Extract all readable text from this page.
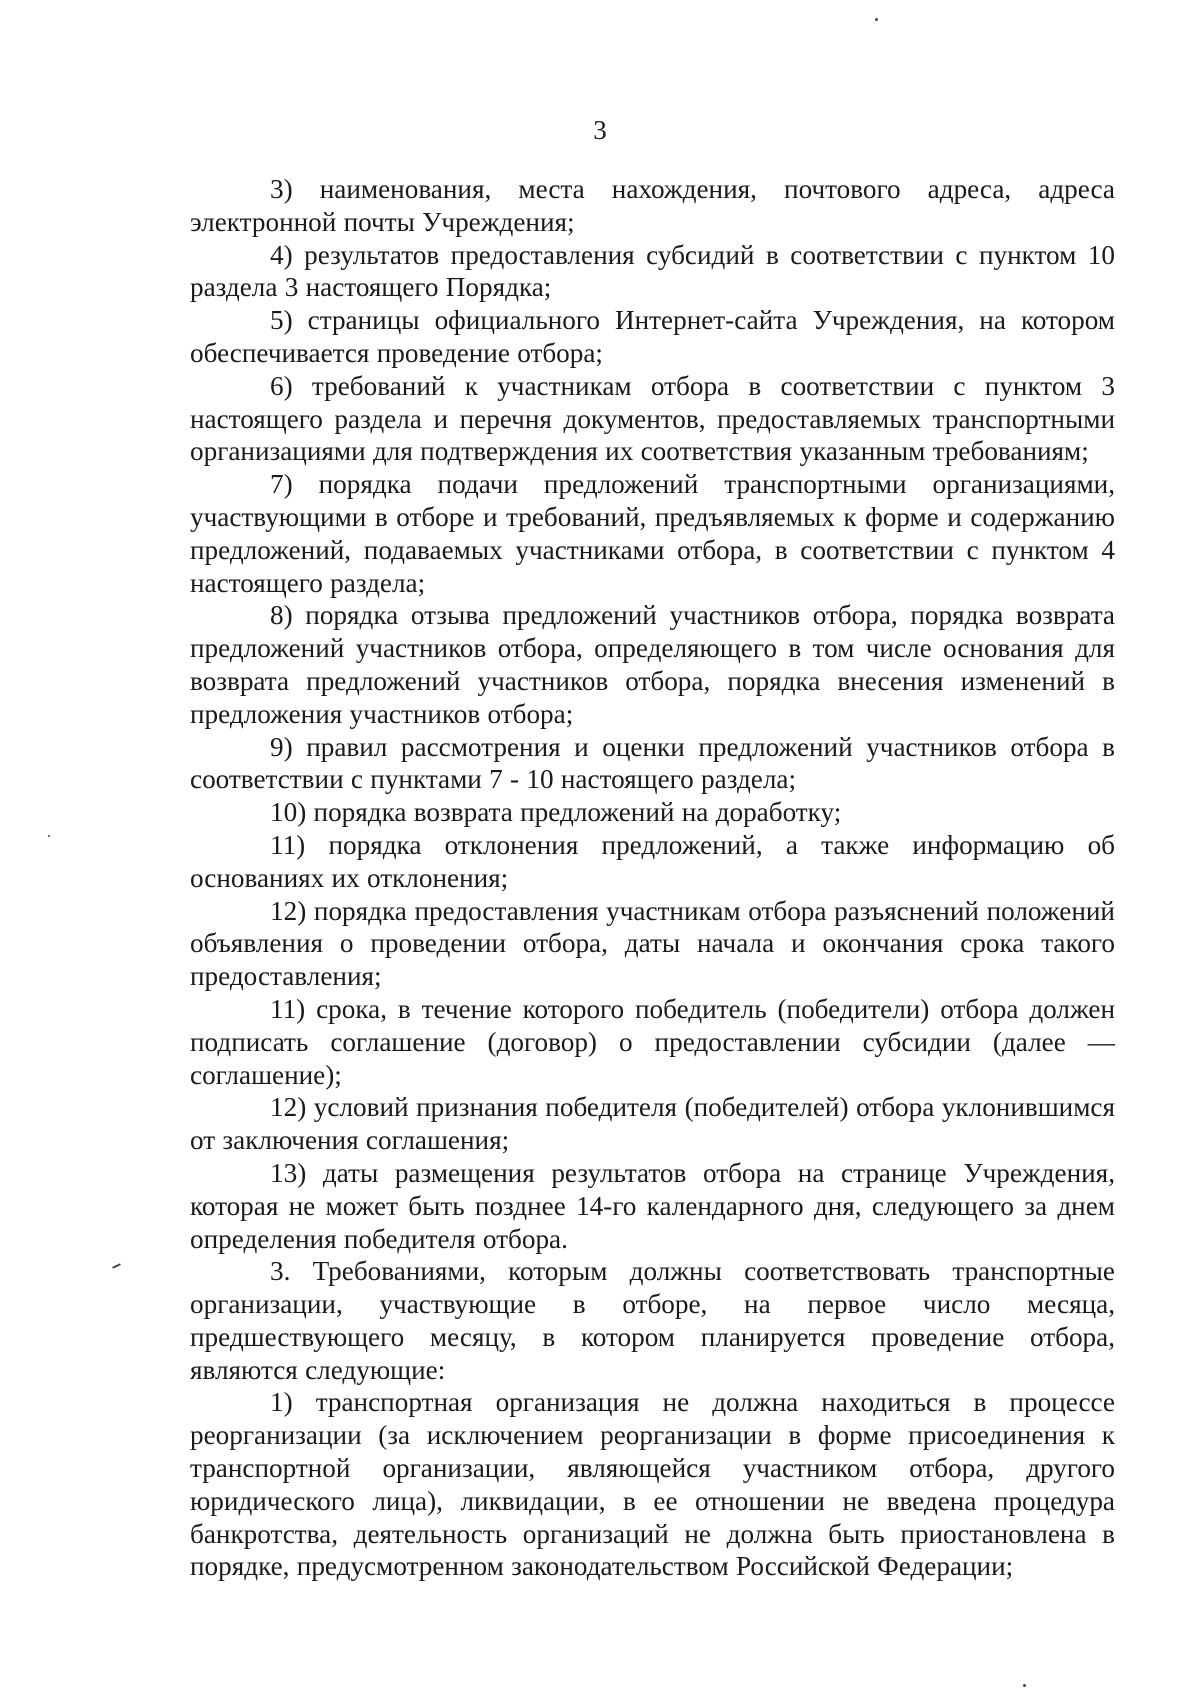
3

3) наименования, места нахождения, почтового адреса, адреса электронной почты Учреждения;

4) результатов предоставления субсидий в соответствии с пунктом 10 раздела 3 настоящего Порядка;

5) страницы официального Интернет-сайта Учреждения, на котором обеспечивается проведение отбора;

6) требований к участникам отбора в соответствии с пунктом 3 настоящего раздела и перечня документов, предоставляемых транспортными организациями для подтверждения их соответствия указанным требованиям;

7) порядка подачи предложений транспортными организациями, участвующими в отборе и требований, предъявляемых к форме и содержанию предложений, подаваемых участниками отбора, в соответствии с пунктом 4 настоящего раздела;

8) порядка отзыва предложений участников отбора, порядка возврата предложений участников отбора, определяющего в том числе основания для возврата предложений участников отбора, порядка внесения изменений в предложения участников отбора;

9) правил рассмотрения и оценки предложений участников отбора в соответствии с пунктами 7 - 10 настоящего раздела;

10) порядка возврата предложений на доработку;

11) порядка отклонения предложений, а также информацию об основаниях их отклонения;

12) порядка предоставления участникам отбора разъяснений положений объявления о проведении отбора, даты начала и окончания срока такого предоставления;

11) срока, в течение которого победитель (победители) отбора должен подписать соглашение (договор) о предоставлении субсидии (далее — соглашение);

12) условий признания победителя (победителей) отбора уклонившимся от заключения соглашения;

13) даты размещения результатов отбора на странице Учреждения, которая не может быть позднее 14-го календарного дня, следующего за днем определения победителя отбора.

3. Требованиями, которым должны соответствовать транспортные организации, участвующие в отборе, на первое число месяца, предшествующего месяцу, в котором планируется проведение отбора, являются следующие:

1) транспортная организация не должна находиться в процессе реорганизации (за исключением реорганизации в форме присоединения к транспортной организации, являющейся участником отбора, другого юридического лица), ликвидации, в ее отношении не введена процедура банкротства, деятельность организаций не должна быть приостановлена в порядке, предусмотренном законодательством Российской Федерации;
